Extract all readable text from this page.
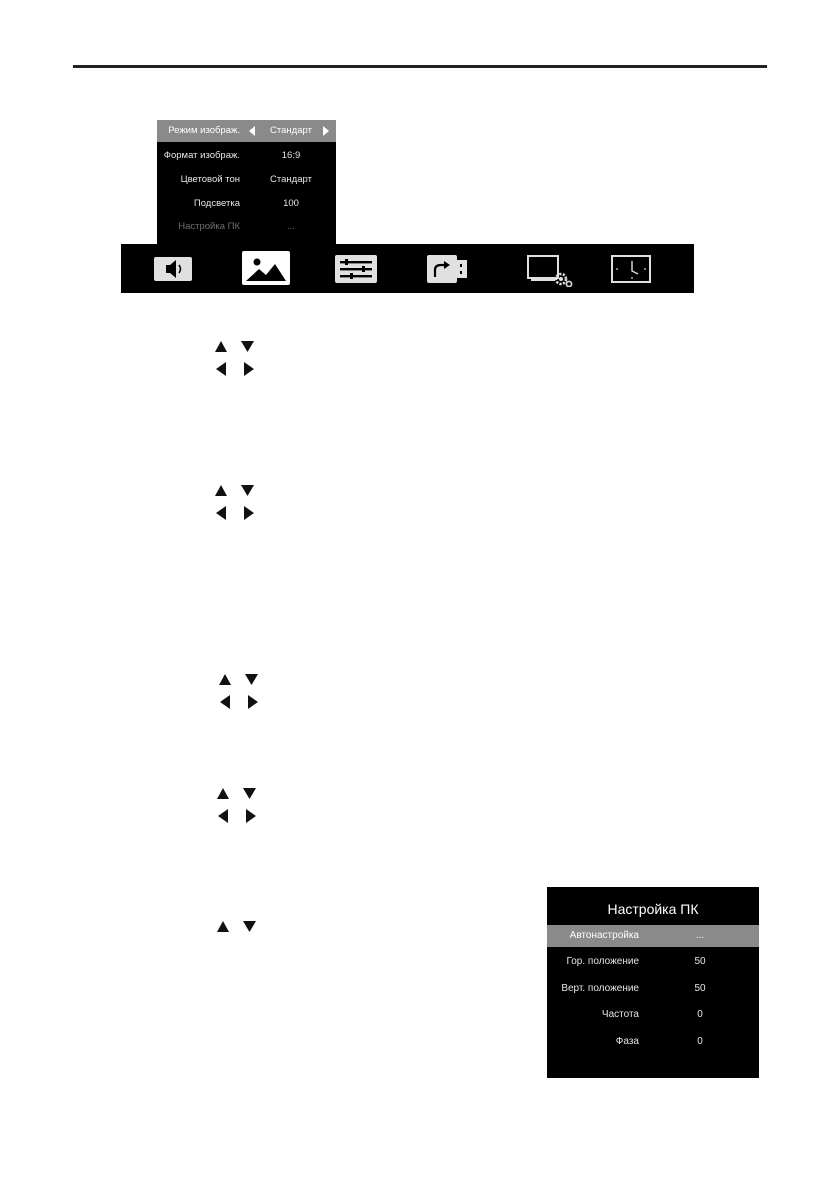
Режим изображ.	Стандарт
Формат изображ.	16:9
Цветовой тон	Стандарт
Подсветка	100
Настройка ПК	...
Настройка ПК
Автонастройка	...
Гор. положение	50
Верт. положение	50
Частота	0
Фаза	0
